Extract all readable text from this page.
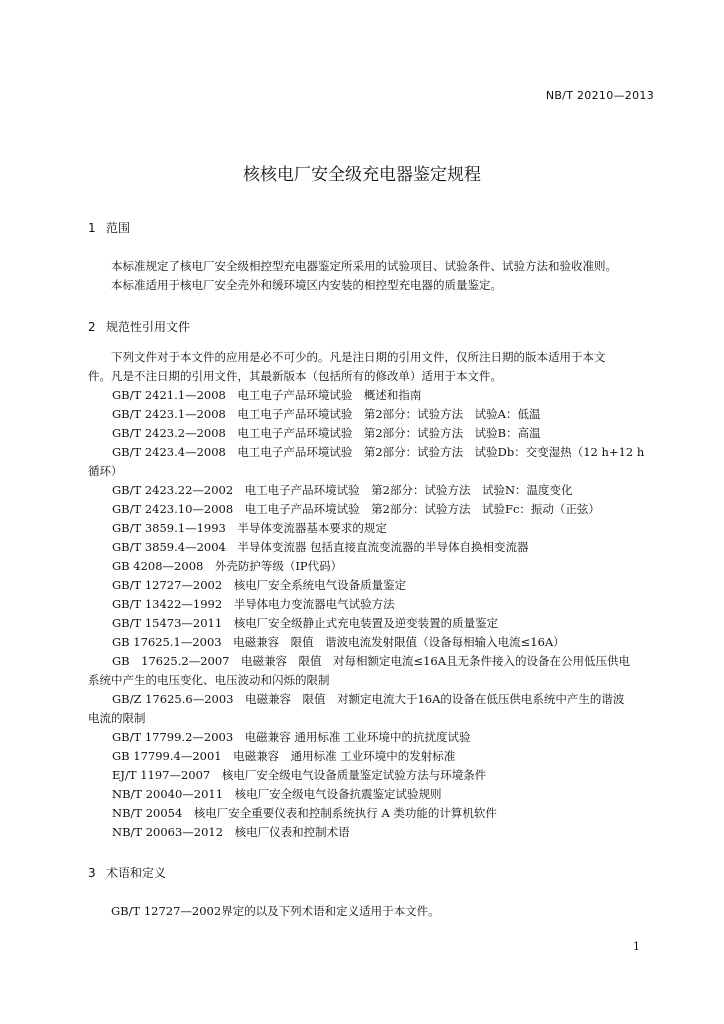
NB/T 20210—2013
核核电厂安全级充电器鉴定规程
1 范围
本标准规定了核电厂安全级相控型充电器鉴定所采用的试验项目、试验条件、试验方法和验收准则。
本标准适用于核电厂安全壳外和缓环境区内安装的相控型充电器的质量鉴定。
2 规范性引用文件
下列文件对于本文件的应用是必不可少的。凡是注日期的引用文件，仅所注日期的版本适用于本文
件。凡是不注日期的引用文件，其最新版本（包括所有的修改单）适用于本文件。
GB/T 2421.1—2008　电工电子产品环境试验　概述和指南
GB/T 2423.1—2008　电工电子产品环境试验　第2部分：试验方法　试验A：低温
GB/T 2423.2—2008　电工电子产品环境试验　第2部分：试验方法　试验B：高温
GB/T 2423.4—2008　电工电子产品环境试验　第2部分：试验方法　试验Db：交变湿热（12 h+12 h
循环）
GB/T 2423.22—2002　电工电子产品环境试验　第2部分：试验方法　试验N：温度变化
GB/T 2423.10—2008　电工电子产品环境试验　第2部分：试验方法　试验Fc：振动（正弦）
GB/T 3859.1—1993　半导体变流器基本要求的规定
GB/T 3859.4—2004　半导体变流器 包括直接直流变流器的半导体自换相变流器
GB 4208—2008　外壳防护等级（IP代码）
GB/T 12727—2002　核电厂安全系统电气设备质量鉴定
GB/T 13422—1992　半导体电力变流器电气试验方法
GB/T 15473—2011　核电厂安全级静止式充电装置及逆变装置的质量鉴定
GB 17625.1—2003　电磁兼容　限值　谐波电流发射限值（设备每相输入电流≤16A）
GB　17625.2—2007　电磁兼容　限值　对每相额定电流≤16A且无条件接入的设备在公用低压供电
系统中产生的电压变化、电压波动和闪烁的限制
GB/Z 17625.6—2003　电磁兼容　限值　对额定电流大于16A的设备在低压供电系统中产生的谐波
电流的限制
GB/T 17799.2—2003　电磁兼容 通用标准 工业环境中的抗扰度试验
GB 17799.4—2001　电磁兼容　通用标准 工业环境中的发射标准
EJ/T 1197—2007　核电厂安全级电气设备质量鉴定试验方法与环境条件
NB/T 20040—2011　核电厂安全级电气设备抗震鉴定试验规则
NB/T 20054　核电厂安全重要仪表和控制系统执行 A 类功能的计算机软件
NB/T 20063—2012　核电厂仪表和控制术语
3 术语和定义
GB/T 12727—2002界定的以及下列术语和定义适用于本文件。
1
